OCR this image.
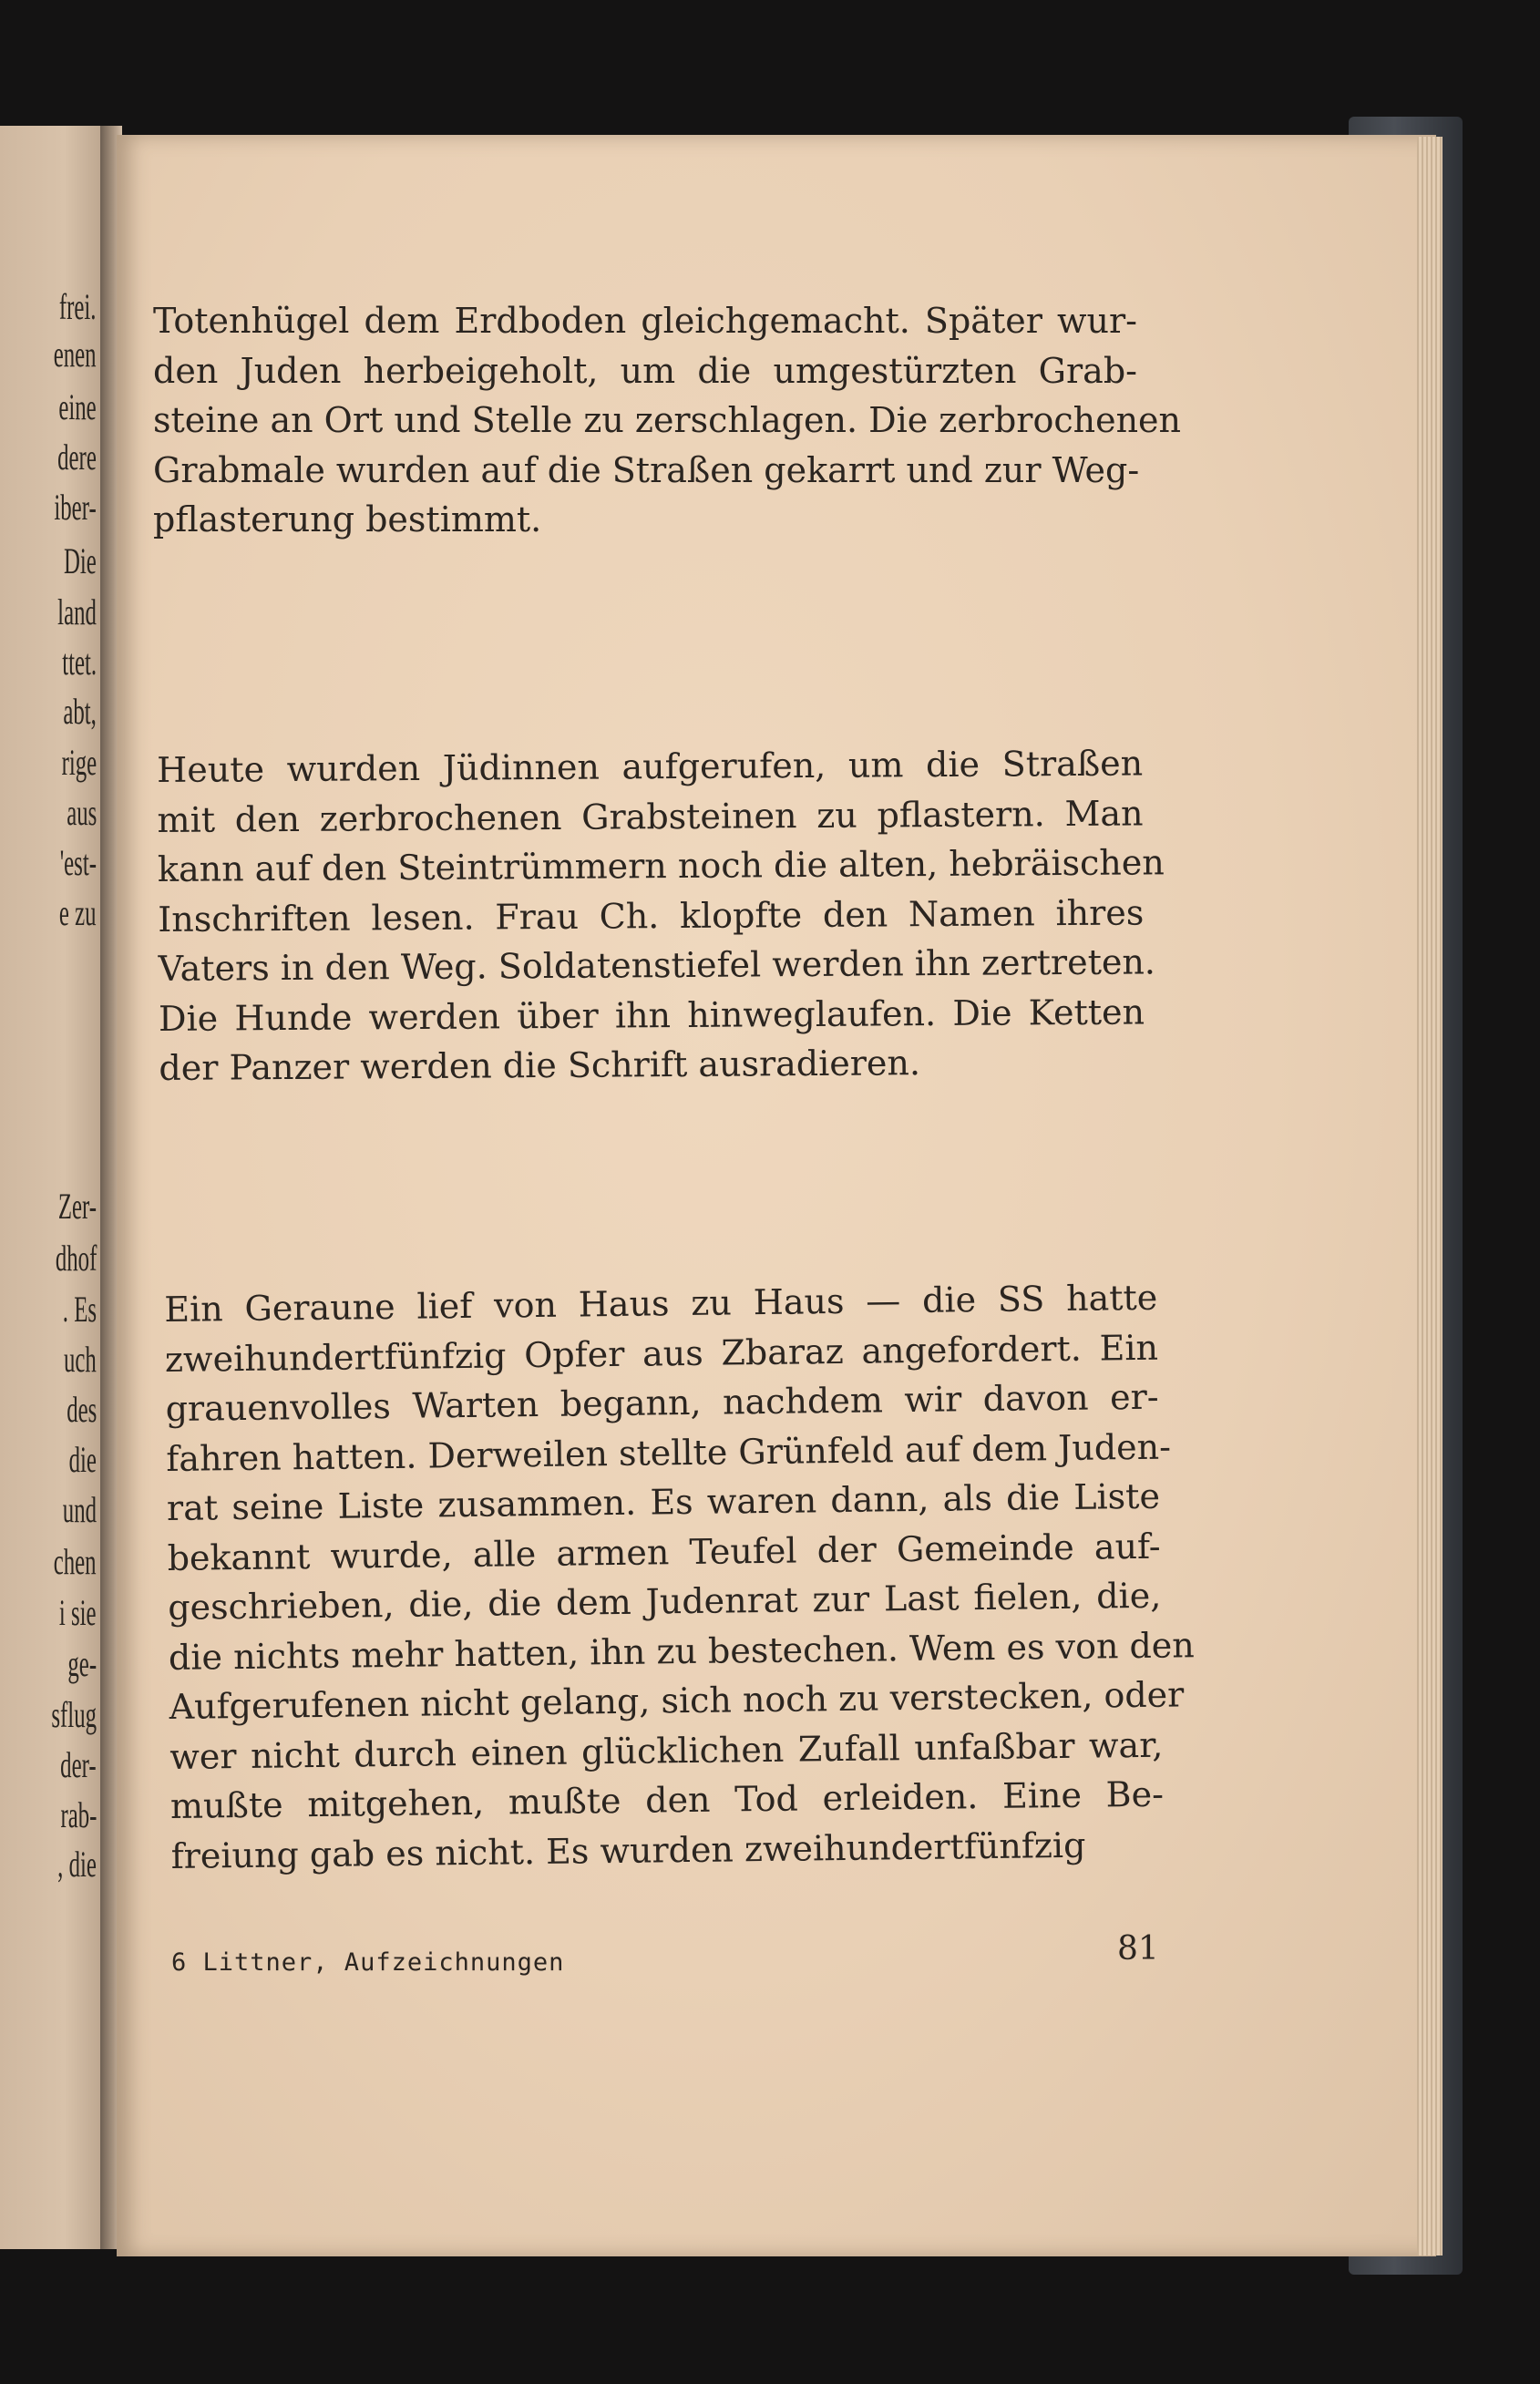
frei.
enen
eine
dere
iber-
Die
land
ttet.
abt,
rige
aus
'est-
e zu
Zer-
dhof
. Es
uch
des
die
und
chen
i sie
ge-
sflug
der-
rab-
, die
Totenhügel dem Erdboden gleichgemacht. Später wur-
den Juden herbeigeholt, um die umgestürzten Grab-
steine an Ort und Stelle zu zerschlagen. Die zerbrochenen
Grabmale wurden auf die Straßen gekarrt und zur Weg-
pflasterung bestimmt.
Heute wurden Jüdinnen aufgerufen, um die Straßen
mit den zerbrochenen Grabsteinen zu pflastern. Man
kann auf den Steintrümmern noch die alten, hebräischen
Inschriften lesen. Frau Ch. klopfte den Namen ihres
Vaters in den Weg. Soldatenstiefel werden ihn zertreten.
Die Hunde werden über ihn hinweglaufen. Die Ketten
der Panzer werden die Schrift ausradieren.
Ein Geraune lief von Haus zu Haus — die SS hatte
zweihundertfünfzig Opfer aus Zbaraz angefordert. Ein
grauenvolles Warten begann, nachdem wir davon er-
fahren hatten. Derweilen stellte Grünfeld auf dem Juden-
rat seine Liste zusammen. Es waren dann, als die Liste
bekannt wurde, alle armen Teufel der Gemeinde auf-
geschrieben, die, die dem Judenrat zur Last fielen, die,
die nichts mehr hatten, ihn zu bestechen. Wem es von den
Aufgerufenen nicht gelang, sich noch zu verstecken, oder
wer nicht durch einen glücklichen Zufall unfaßbar war,
mußte mitgehen, mußte den Tod erleiden. Eine Be-
freiung gab es nicht. Es wurden zweihundertfünfzig
6 Littner, Aufzeichnungen	81
